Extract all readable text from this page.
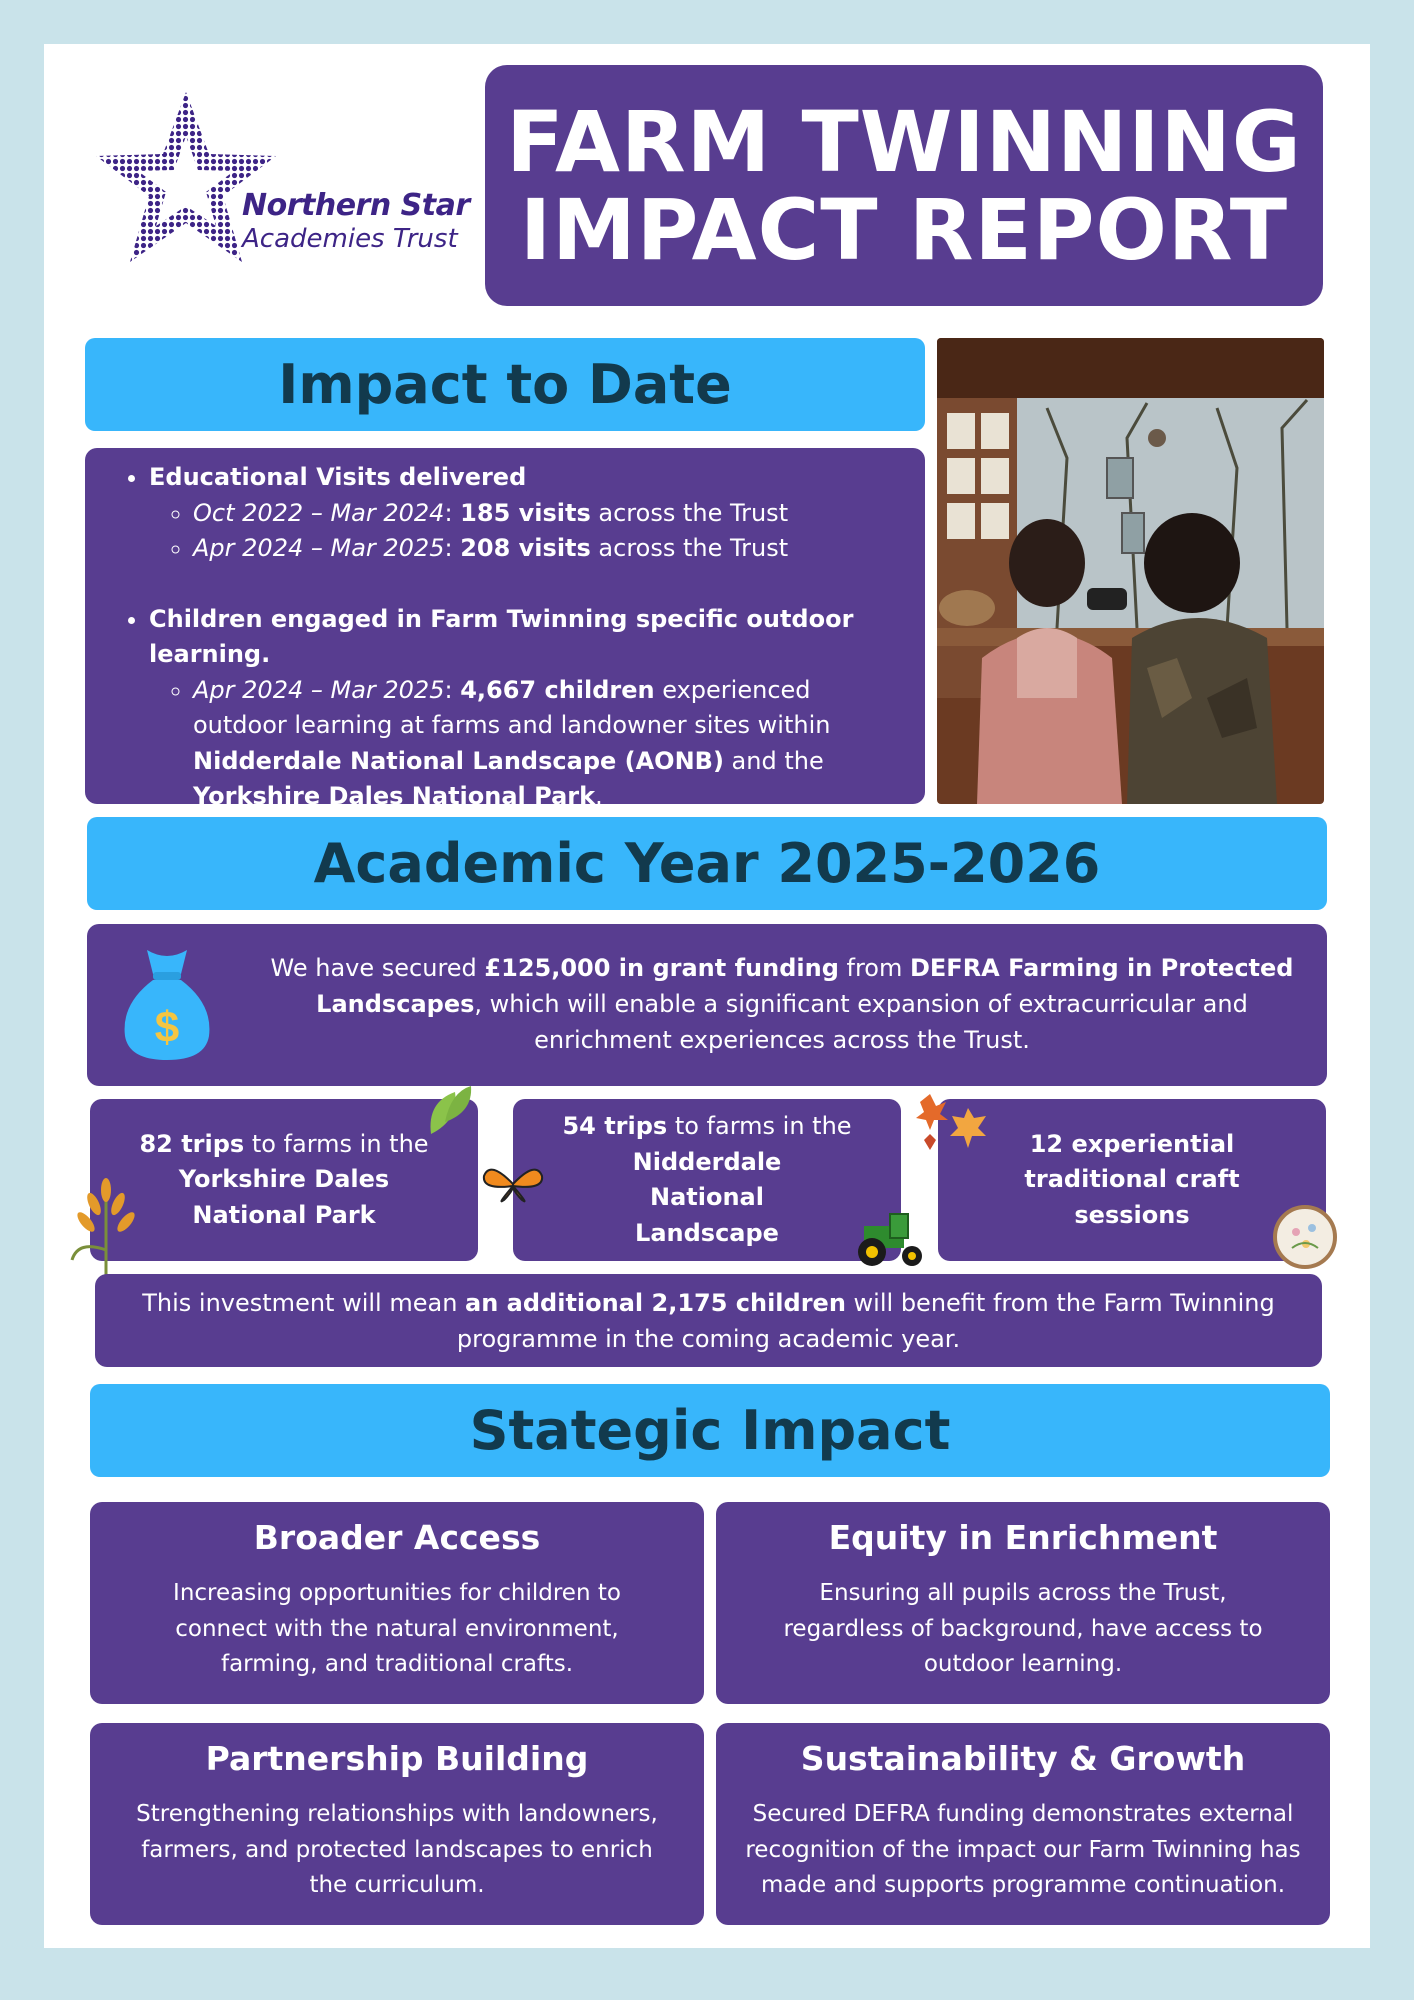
Northern Star
Academies Trust
FARM TWINNING
IMPACT REPORT
Impact to Date
• Educational Visits delivered
◦ Oct 2022 – Mar 2024: 185 visits across the Trust
◦ Apr 2024 – Mar 2025: 208 visits across the Trust
• Children engaged in Farm Twinning specific outdoor learning.
◦ Apr 2024 – Mar 2025: 4,667 children experienced outdoor learning at farms and landowner sites within Nidderdale National Landscape (AONB) and the Yorkshire Dales National Park.
Academic Year 2025-2026
$
We have secured £125,000 in grant funding from DEFRA Farming in Protected Landscapes, which will enable a significant expansion of extracurricular and enrichment experiences across the Trust.
82 trips to farms in the
Yorkshire Dales National Park
54 trips to farms in the
Nidderdale National Landscape
12 experiential traditional craft sessions
This investment will mean an additional 2,175 children will benefit from the Farm Twinning programme in the coming academic year.
Stategic Impact
Broader Access

Increasing opportunities for children to connect with the natural environment, farming, and traditional crafts.

Equity in Enrichment

Ensuring all pupils across the Trust, regardless of background, have access to outdoor learning.

Partnership Building

Strengthening relationships with landowners, farmers, and protected landscapes to enrich the curriculum.

Sustainability & Growth

Secured DEFRA funding demonstrates external recognition of the impact our Farm Twinning has made and supports programme continuation.
